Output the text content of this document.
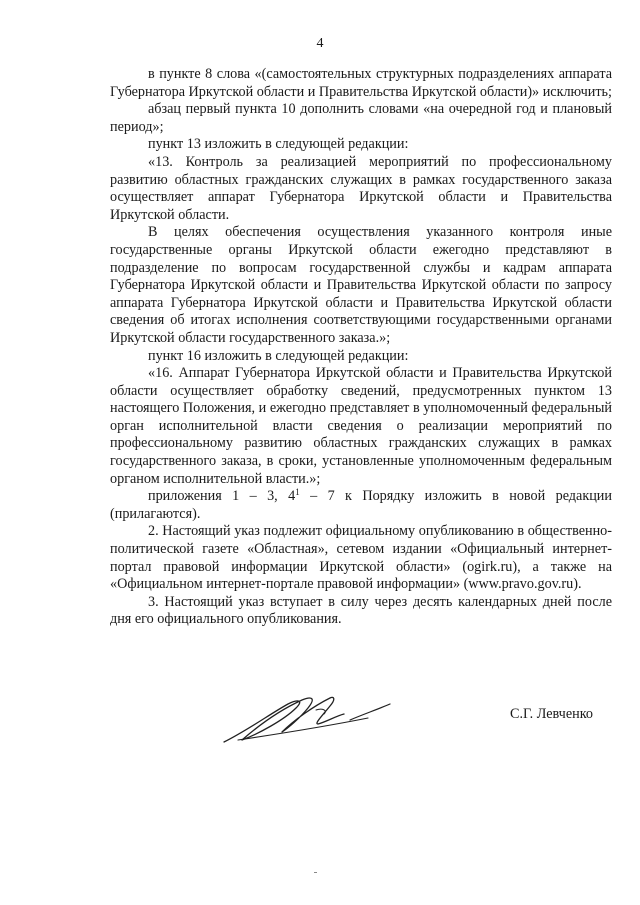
4

в пункте 8 слова «(самостоятельных структурных подразделениях аппарата Губернатора Иркутской области и Правительства Иркутской области)» исключить;

абзац первый пункта 10 дополнить словами «на очередной год и плановый период»;

пункт 13 изложить в следующей редакции:

«13. Контроль за реализацией мероприятий по профессиональному развитию областных гражданских служащих в рамках государственного заказа осуществляет аппарат Губернатора Иркутской области и Правительства Иркутской области.

В целях обеспечения осуществления указанного контроля иные государственные органы Иркутской области ежегодно представляют в подразделение по вопросам государственной службы и кадрам аппарата Губернатора Иркутской области и Правительства Иркутской области по запросу аппарата Губернатора Иркутской области и Правительства Иркутской области сведения об итогах исполнения соответствующими государственными органами Иркутской области государственного заказа.»;

пункт 16 изложить в следующей редакции:

«16. Аппарат Губернатора Иркутской области и Правительства Иркутской области осуществляет обработку сведений, предусмотренных пунктом 13 настоящего Положения, и ежегодно представляет в уполномоченный федеральный орган исполнительной власти сведения о реализации мероприятий по профессиональному развитию областных гражданских служащих в рамках государственного заказа, в сроки, установленные уполномоченным федеральным органом исполнительной власти.»;

приложения 1 – 3, $4^1 - 7$ к Порядку изложить в новой редакции (прилагаются).

2. Настоящий указ подлежит официальному опубликованию в общественно-политической газете «Областная», сетевом издании «Официальный интернет-портал правовой информации Иркутской области» (ogirk.ru), а также на «Официальном интернет-портале правовой информации» (www.pravo.gov.ru).

3. Настоящий указ вступает в силу через десять календарных дней после дня его официального опубликования.

С.Г. Левченко
